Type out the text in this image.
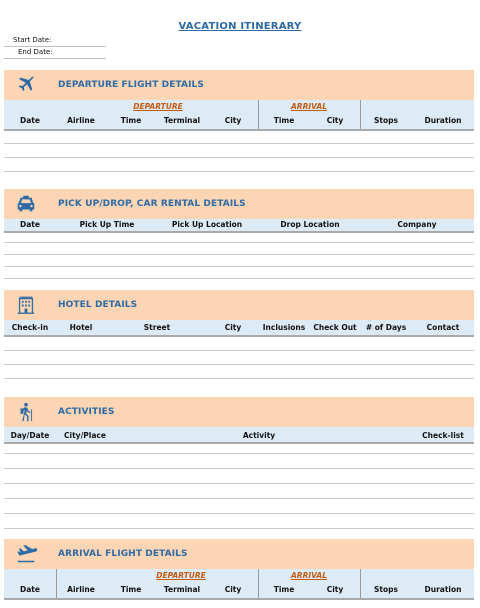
VACATION ITINERARY
Start Date:
End Date:
DEPARTURE FLIGHT DETAILS
DEPARTURE	ARRIVAL
Date	Airline	Time	Terminal	City	Time	City	Stops	Duration
PICK UP/DROP, CAR RENTAL DETAILS
Date	Pick Up Time	Pick Up Location	Drop Location	Company
HOTEL DETAILS
Check-in	Hotel	Street	City	Inclusions	Check Out	# of Days	Contact
ACTIVITIES
Day/Date	City/Place	Activity	Check-list
ARRIVAL FLIGHT DETAILS
DEPARTURE	ARRIVAL
Date	Airline	Time	Terminal	City	Time	City	Stops	Duration
